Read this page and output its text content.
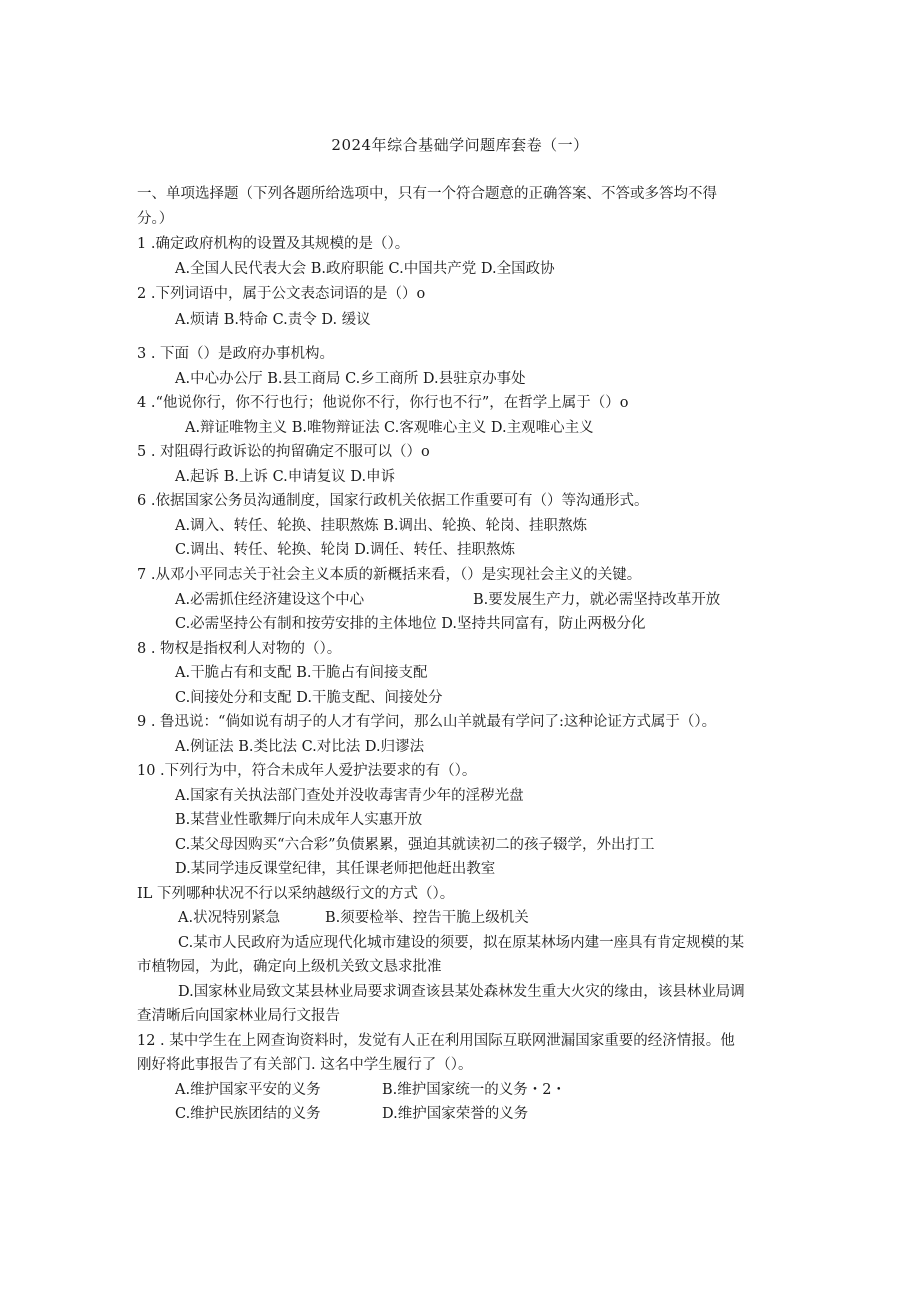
2024年综合基础学问题库套卷（一）
一、单项选择题（下列各题所给选项中，只有一个符合题意的正确答案、不答或多答均不得
分。）
1 .确定政府机构的设置及其规模的是（）。
A.全国人民代表大会 B.政府职能 C.中国共产党 D.全国政协
2 .下列词语中，属于公文表态词语的是（）o
A.烦请 B.特命 C.责令 D. 缓议
3 . 下面（）是政府办事机构。
A.中心办公厅 B.县工商局 C.乡工商所 D.县驻京办事处
4 .“他说你行，你不行也行；他说你不行，你行也不行”，在哲学上属于（）o
A.辩证唯物主义 B.唯物辩证法 C.客观唯心主义 D.主观唯心主义
5 . 对阻碍行政诉讼的拘留确定不服可以（）o
A.起诉 B.上诉 C.申请复议 D.申诉
6 .依据国家公务员沟通制度，国家行政机关依据工作重要可有（）等沟通形式。
A.调入、转任、轮换、挂职熬炼 B.调出、轮换、轮岗、挂职熬炼
C.调出、转任、轮换、轮岗 D.调任、转任、挂职熬炼
7 .从邓小平同志关于社会主义本质的新概括来看，（）是实现社会主义的关键。
A.必需抓住经济建设这个中心	B.要发展生产力，就必需坚持改革开放
C.必需坚持公有制和按劳安排的主体地位 D.坚持共同富有，防止两极分化
8 . 物权是指权利人对物的（）。
A.干脆占有和支配 B.干脆占有间接支配
C.间接处分和支配 D.干脆支配、间接处分
9 . 鲁迅说：“倘如说有胡子的人才有学问，那么山羊就最有学问了:这种论证方式属于（）。
A.例证法 B.类比法 C.对比法 D.归谬法
10 .下列行为中，符合未成年人爱护法要求的有（）。
A.国家有关执法部门查处并没收毒害青少年的淫秽光盘
B.某营业性歌舞厅向未成年人实惠开放
C.某父母因购买“六合彩”负债累累，强迫其就读初二的孩子辍学，外出打工
D.某同学违反课堂纪律，其任课老师把他赶出教室
IL 下列哪种状况不行以采纳越级行文的方式（）。
A.状况特别紧急	B.须要检举、控告干脆上级机关
C.某市人民政府为适应现代化城市建设的须要，拟在原某林场内建一座具有肯定规模的某
市植物园，为此，确定向上级机关致文恳求批准
D.国家林业局致文某县林业局要求调查该县某处森林发生重大火灾的缘由，该县林业局调
查清晰后向国家林业局行文报告
12 . 某中学生在上网查询资料时，发觉有人正在利用国际互联网泄漏国家重要的经济情报。他
刚好将此事报告了有关部门. 这名中学生履行了（）。
A.维护国家平安的义务	B.维护国家统一的义务・2・
C.维护民族团结的义务	D.维护国家荣誉的义务
